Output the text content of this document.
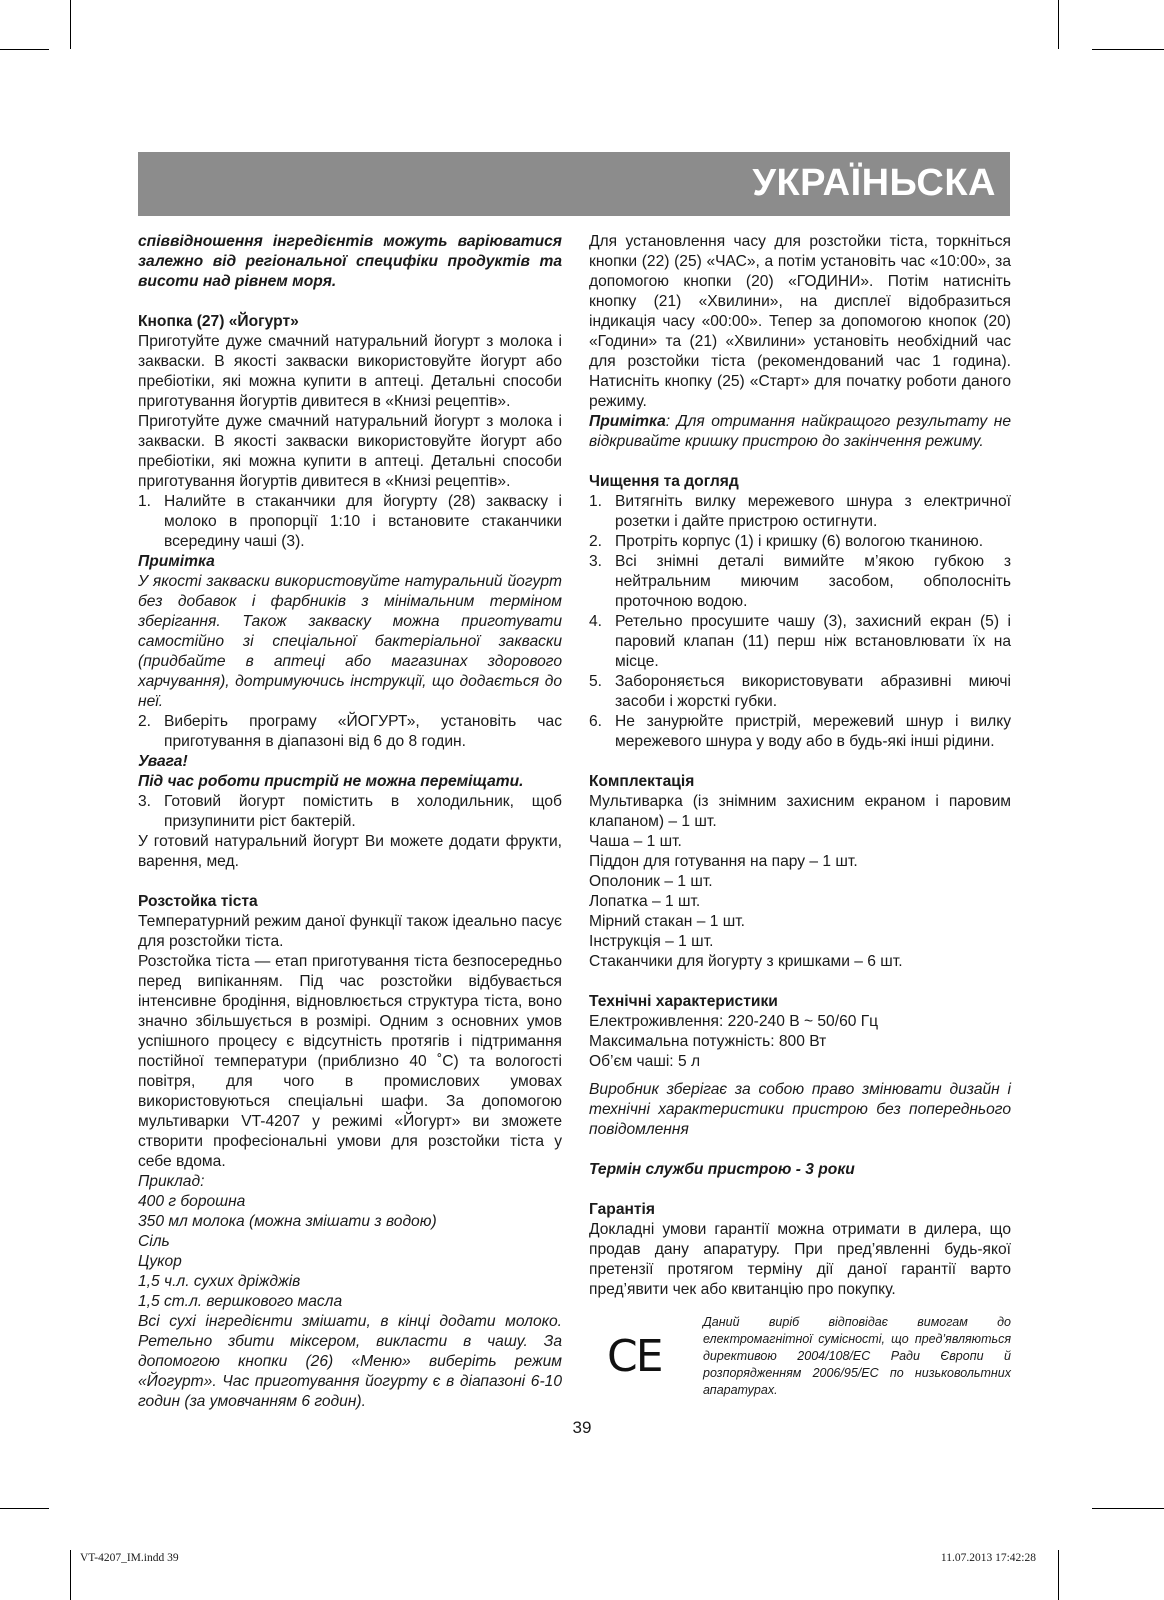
УКРАЇНЬСКА

співвідношення інгредієнтів можуть варіюватися залежно від регіональної специфіки продуктів та висоти над рівнем моря.

Кнопка (27) «Йогурт»

Приготуйте дуже смачний натуральний йогурт з молока і закваски. В якості закваски використовуйте йогурт або пребіотіки, які можна купити в аптеці. Детальні способи приготування йогуртів дивитеся в «Книзі рецептів».

Приготуйте дуже смачний натуральний йогурт з молока і закваски. В якості закваски використовуйте йогурт або пребіотіки, які можна купити в аптеці. Детальні способи приготування йогуртів дивитеся в «Книзі рецептів».

1. Налийте в стаканчики для йогурту (28) закваску і молоко в пропорції 1:10 і встановите стаканчики всередину чаші (3).

Примітка

У якості закваски використовуйте натуральний йогурт без добавок і фарбників з мінімальним терміном зберігання. Також закваску можна приготувати самостійно зі спеціальної бактеріальної закваски (придбайте в аптеці або магазинах здорового харчування), дотримуючись інструкції, що додається до неї.

2. Виберіть програму «ЙОГУРТ», установіть час приготування в діапазоні від 6 до 8 годин.

Увага!

Під час роботи пристрій не можна переміщати.

3. Готовий йогурт помістить в холодильник, щоб призупинити ріст бактерій.

У готовий натуральний йогурт Ви можете додати фрукти, варення, мед.

Розстойка тіста

Температурний режим даної функції також ідеально пасує для розстойки тіста.

Розстойка тіста — етап приготування тіста безпосередньо перед випіканням. Під час розстойки відбувається інтенсивне бродіння, відновлюється структура тіста, воно значно збільшується в розмірі. Одним з основних умов успішного процесу є відсутність протягів і підтримання постійної температури (приблизно 40 ˚C) та вологості повітря, для чого в промислових умовах використовуються спеціальні шафи. За допомогою мультиварки VT-4207 у режимі «Йогурт» ви зможете створити професіональні умови для розстойки тіста у себе вдома.

Приклад:

400 г борошна

350 мл молока (можна змішати з водою)

Сіль

Цукор

1,5 ч.л. сухих дріжджів

1,5 ст.л. вершкового масла

Всі сухі інгредієнти змішати, в кінці додати молоко. Ретельно збити міксером, викласти в чашу. За допомогою кнопки (26) «Меню» виберіть режим «Йогурт». Час приготування йогурту є в діапазоні 6-10 годин (за умовчанням 6 годин).

Для установлення часу для розстойки тіста, торкніться кнопки (22) (25) «ЧАС», а потім установіть час «10:00», за допомогою кнопки (20) «ГОДИНИ». Потім натисніть кнопку (21) «Хвилини», на дисплеї відобразиться індикація часу «00:00». Тепер за допомогою кнопок (20) «Години» та (21) «Хвилини» установіть необхідний час для розстойки тіста (рекомендований час 1 година). Натисніть кнопку (25) «Старт» для початку роботи даного режиму.

Примітка: Для отримання найкращого результату не відкривайте кришку пристрою до закінчення режиму.

Чищення та догляд

1. Витягніть вилку мережевого шнура з електричної розетки і дайте пристрою остигнути.
2. Протріть корпус (1) і кришку (6) вологою тканиною.
3. Всі знімні деталі вимийте м’якою губкою з нейтральним миючим засобом, обполосніть проточною водою.
4. Ретельно просушите чашу (3), захисний екран (5) і паровий клапан (11) перш ніж встановлювати їх на місце.
5. Забороняється використовувати абразивні миючі засоби і жорсткі губки.
6. Не занурюйте пристрій, мережевий шнур і вилку мережевого шнура у воду або в будь-які інші рідини.

Комплектація

Мультиварка (із знімним захисним екраном і паровим клапаном) – 1 шт.

Чаша – 1 шт.

Піддон для готування на пару – 1 шт.

Ополоник – 1 шт.

Лопатка – 1 шт.

Мірний стакан – 1 шт.

Інструкція – 1 шт.

Стаканчики для йогурту з кришками – 6 шт.

Технічні характеристики

Електроживлення: 220-240 В ~ 50/60 Гц

Максимальна потужність: 800 Вт

Об’єм чаші: 5 л

Виробник зберігає за собою право змінювати дизайн і технічні характеристики пристрою без попереднього повідомлення

Термін служби пристрою - 3 роки

Гарантія

Докладні умови гарантії можна отримати в дилера, що продав дану апаратуру. При пред’явленні будь-якої претензії протягом терміну дії даної гарантії варто пред’явити чек або квитанцію про покупку.

CE

Даний виріб відповідає вимогам до електромагнітної сумісності, що пред’являються директивою 2004/108/ЕС Ради Європи й розпорядженням 2006/95/ЕС по низьковольтних апаратурах.

39

VT-4207_IM.indd 39	11.07.2013 17:42:28
